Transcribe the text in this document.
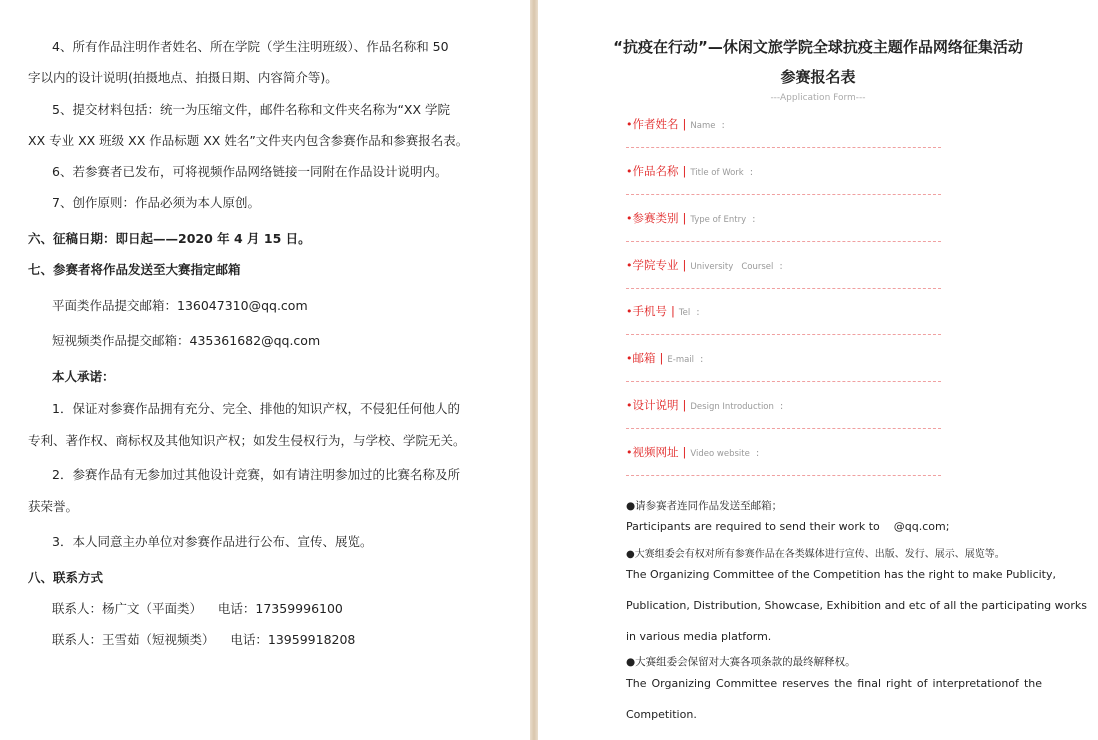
4、所有作品注明作者姓名、所在学院（学生注明班级）、作品名称和 50
字以内的设计说明(拍摄地点、拍摄日期、内容简介等)。
5、提交材料包括：统一为压缩文件，邮件名称和文件夹名称为“XX 学院
XX 专业 XX 班级 XX 作品标题 XX 姓名”文件夹内包含参赛作品和参赛报名表。
6、若参赛者已发布，可将视频作品网络链接一同附在作品设计说明内。
7、创作原则：作品必须为本人原创。
六、征稿日期：即日起——2020 年 4 月 15 日。
七、参赛者将作品发送至大赛指定邮箱
平面类作品提交邮箱：136047310@qq.com
短视频类作品提交邮箱：435361682@qq.com
本人承诺：
1．保证对参赛作品拥有充分、完全、排他的知识产权，不侵犯任何他人的
专利、著作权、商标权及其他知识产权；如发生侵权行为，与学校、学院无关。
2．参赛作品有无参加过其他设计竞赛，如有请注明参加过的比赛名称及所
获荣誉。
3．本人同意主办单位对参赛作品进行公布、宣传、展览。
八、联系方式
联系人：杨广文（平面类）    电话：17359996100
联系人：王雪茹（短视频类）    电话：13959918208
“抗疫在行动”—休闲文旅学院全球抗疫主题作品网络征集活动
参赛报名表
---Application Form---
•作者姓名 | Name :
•作品名称 | Title of Work :
•参赛类别 | Type of Entry :
•学院专业 | University   Coursel :
•手机号 | Tel :
•邮箱 | E-mail :
•设计说明 | Design Introduction :
•视频网址 | Video website :
●请参赛者连同作品发送至邮箱；
Participants are required to send their work to    @qq.com;
●大赛组委会有权对所有参赛作品在各类媒体进行宣传、出版、发行、展示、展览等。
The Organizing Committee of the Competition has the right to make Publicity,
Publication, Distribution, Showcase, Exhibition and etc of all the participating works
in various media platform.
●大赛组委会保留对大赛各项条款的最终解释权。
The Organizing Committee reserves the final right of interpretationof the
Competition.
